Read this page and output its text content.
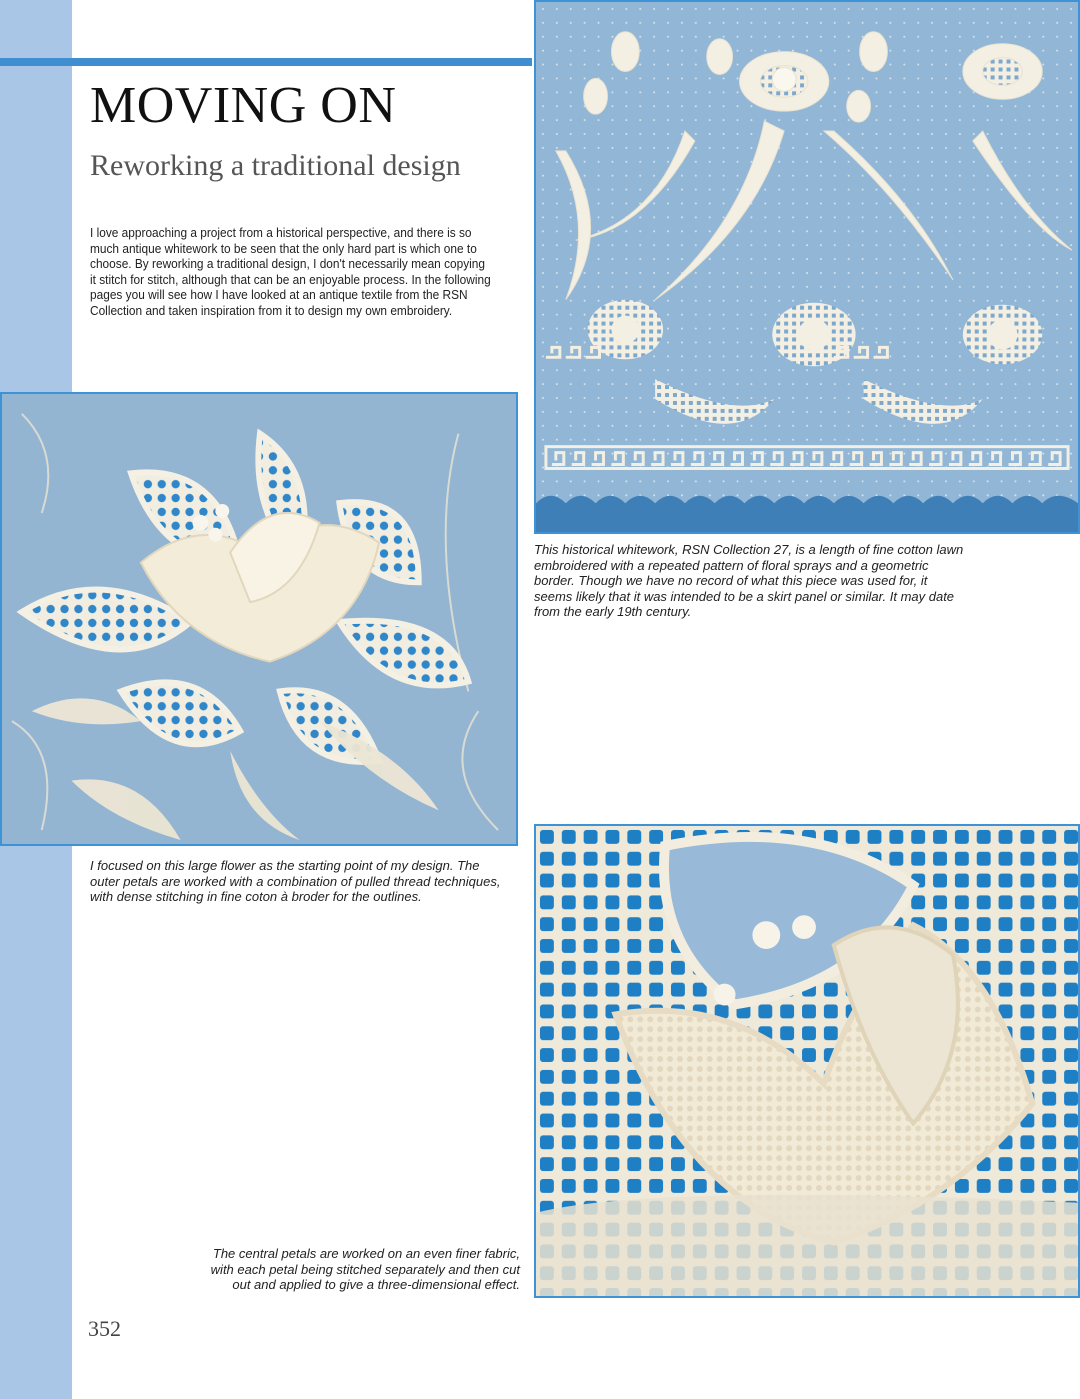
MOVING ON
Reworking a traditional design

I love approaching a project from a historical perspective, and there is so much antique whitework to be seen that the only hard part is which one to choose. By reworking a traditional design, I don't necessarily mean copying it stitch for stitch, although that can be an enjoyable process. In the following pages you will see how I have looked at an antique textile from the RSN Collection and taken inspiration from it to design my own embroidery.

This historical whitework, RSN Collection 27, is a length of fine cotton lawn embroidered with a repeated pattern of floral sprays and a geometric border. Though we have no record of what this piece was used for, it seems likely that it was intended to be a skirt panel or similar. It may date from the early 19th century.

I focused on this large flower as the starting point of my design. The outer petals are worked with a combination of pulled thread techniques, with dense stitching in fine coton à broder for the outlines.

The central petals are worked on an even finer fabric, with each petal being stitched separately and then cut out and applied to give a three-dimensional effect.

352
